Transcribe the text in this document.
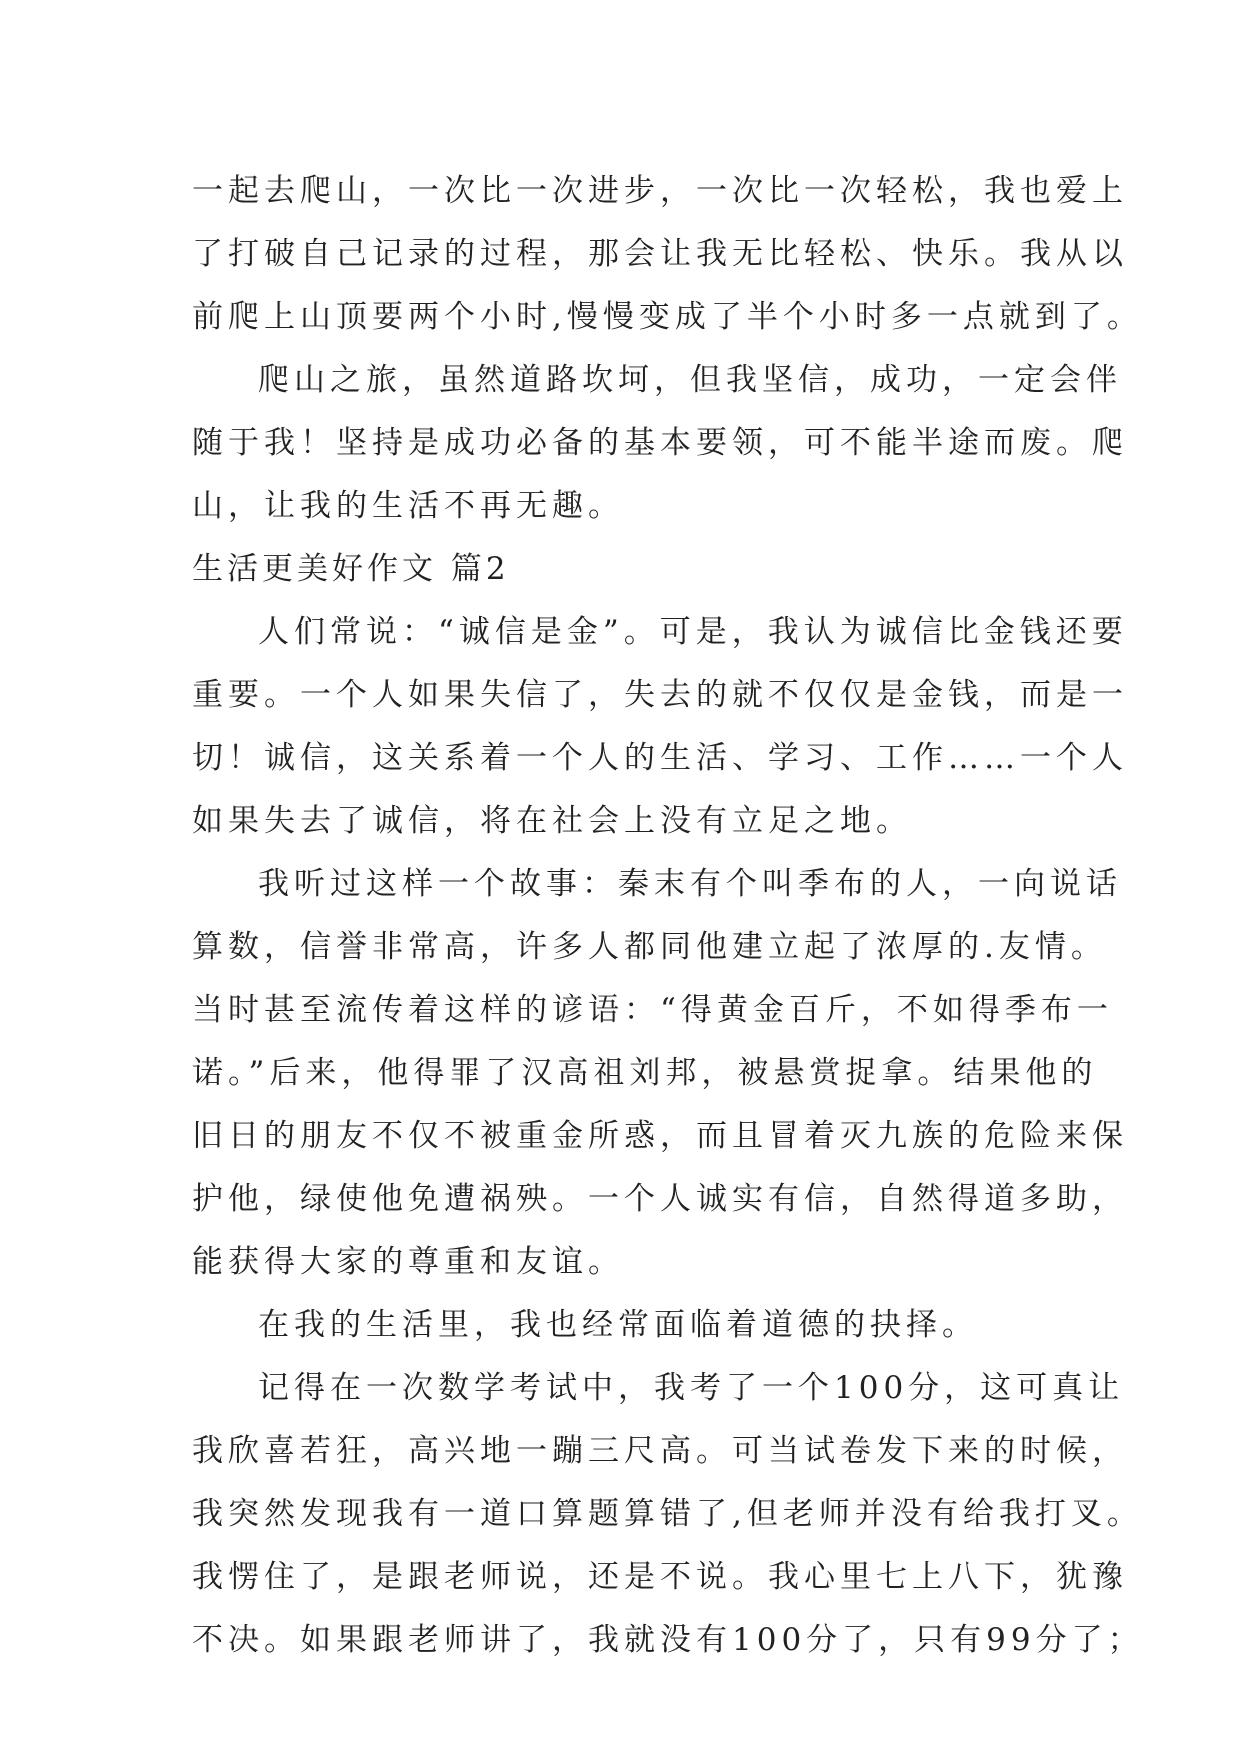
一起去爬山，一次比一次进步，一次比一次轻松，我也爱上
了打破自己记录的过程，那会让我无比轻松、快乐。我从以
前爬上山顶要两个小时,慢慢变成了半个小时多一点就到了。
爬山之旅，虽然道路坎坷，但我坚信，成功，一定会伴
随于我！坚持是成功必备的基本要领，可不能半途而废。爬
山，让我的生活不再无趣。
生活更美好作文 篇2
人们常说：“诚信是金”。可是，我认为诚信比金钱还要
重要。一个人如果失信了，失去的就不仅仅是金钱，而是一
切！诚信，这关系着一个人的生活、学习、工作……一个人
如果失去了诚信，将在社会上没有立足之地。
我听过这样一个故事：秦末有个叫季布的人，一向说话
算数，信誉非常高，许多人都同他建立起了浓厚的.友情。
当时甚至流传着这样的谚语：“得黄金百斤，不如得季布一
诺。”后来，他得罪了汉高祖刘邦，被悬赏捉拿。结果他的
旧日的朋友不仅不被重金所惑，而且冒着灭九族的危险来保
护他，绿使他免遭祸殃。一个人诚实有信，自然得道多助，
能获得大家的尊重和友谊。
在我的生活里，我也经常面临着道德的抉择。
记得在一次数学考试中，我考了一个100分，这可真让
我欣喜若狂，高兴地一蹦三尺高。可当试卷发下来的时候，
我突然发现我有一道口算题算错了,但老师并没有给我打叉。
我愣住了，是跟老师说，还是不说。我心里七上八下，犹豫
不决。如果跟老师讲了，我就没有100分了，只有99分了；
